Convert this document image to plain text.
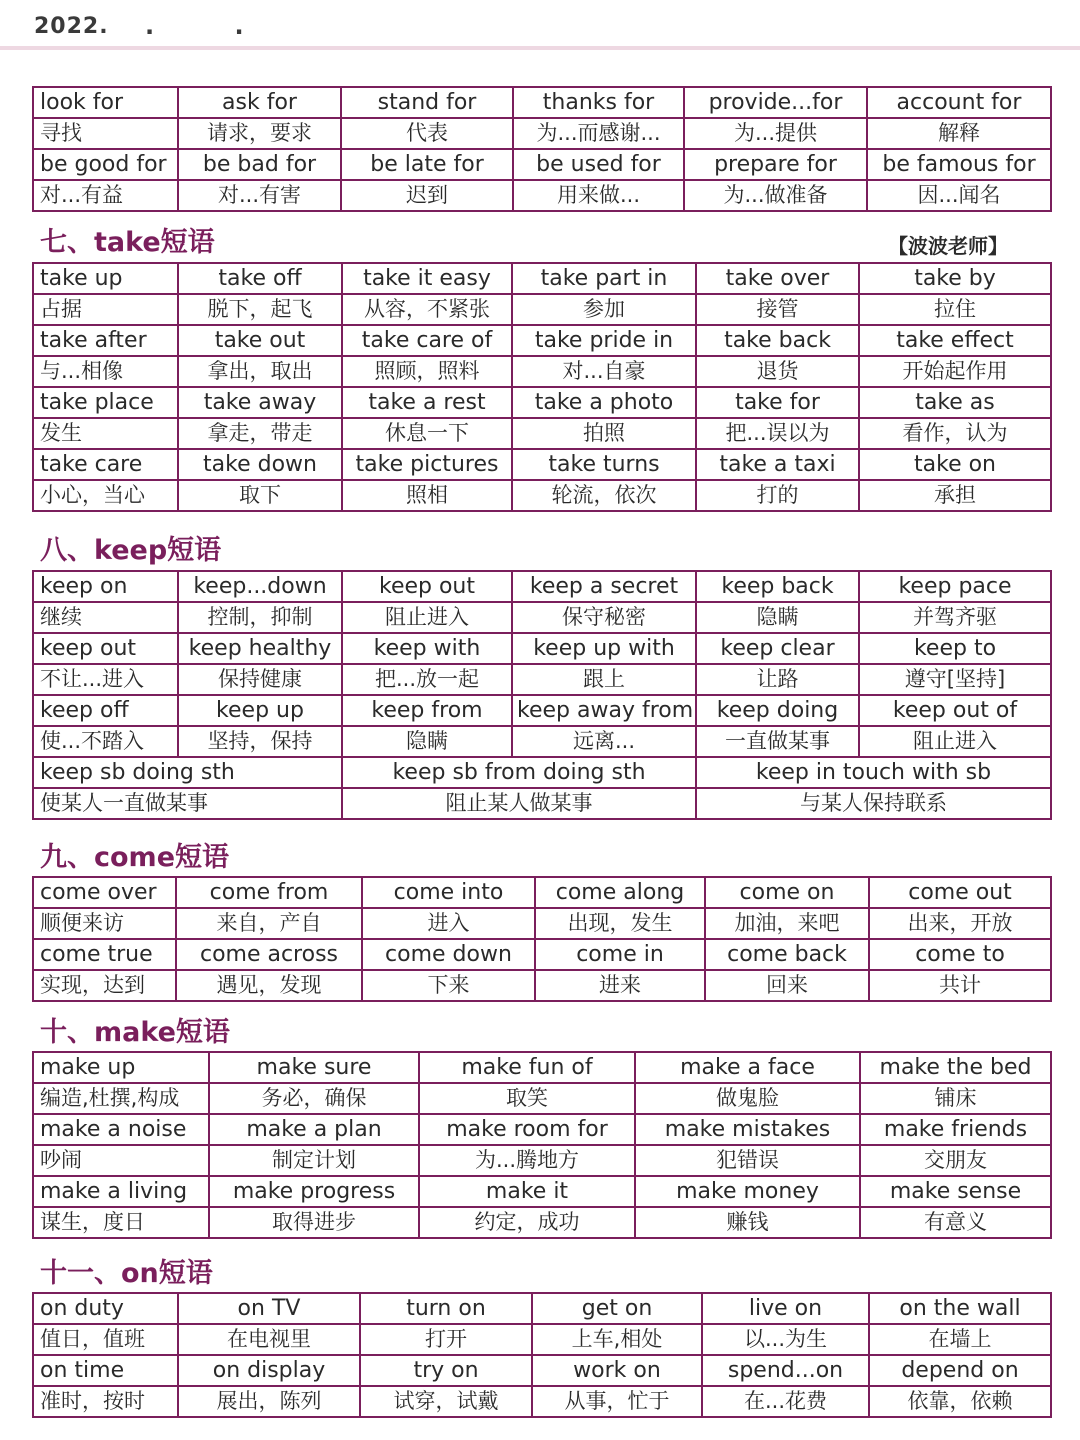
2022. . .
look for	ask for	stand for	thanks for	provide...for	account for
寻找	请求，要求	代表	为...而感谢...	为...提供	解释
be good for	be bad for	be late for	be used for	prepare for	be famous for
对...有益	对...有害	迟到	用来做...	为...做准备	因...闻名
七、take短语	【波波老师】
take up	take off	take it easy	take part in	take over	take by
占据	脱下，起飞	从容，不紧张	参加	接管	拉住
take after	take out	take care of	take pride in	take back	take effect
与...相像	拿出，取出	照顾，照料	对...自豪	退货	开始起作用
take place	take away	take a rest	take a photo	take for	take as
发生	拿走，带走	休息一下	拍照	把...误以为	看作，认为
take care	take down	take pictures	take turns	take a taxi	take on
小心，当心	取下	照相	轮流，依次	打的	承担
八、keep短语
keep on	keep...down	keep out	keep a secret	keep back	keep pace
继续	控制，抑制	阻止进入	保守秘密	隐瞒	并驾齐驱
keep out	keep healthy	keep with	keep up with	keep clear	keep to
不让...进入	保持健康	把...放一起	跟上	让路	遵守[坚持]
keep off	keep up	keep from	keep away from	keep doing	keep out of
使...不踏入	坚持，保持	隐瞒	远离...	一直做某事	阻止进入
keep sb doing sth		keep sb from doing sth		keep in touch with sb	
使某人一直做某事		阻止某人做某事		与某人保持联系	
九、come短语
come over	come from	come into	come along	come on	come out
顺便来访	来自，产自	进入	出现，发生	加油，来吧	出来，开放
come true	come across	come down	come in	come back	come to
实现，达到	遇见，发现	下来	进来	回来	共计
十、make短语
make up	make sure	make fun of	make a face	make the bed
编造,杜撰,构成	务必，确保	取笑	做鬼脸	铺床
make a noise	make a plan	make room for	make mistakes	make friends
吵闹	制定计划	为...腾地方	犯错误	交朋友
make a living	make progress	make it	make money	make sense
谋生，度日	取得进步	约定，成功	赚钱	有意义
十一、on短语
on duty	on TV	turn on	get on	live on	on the wall
值日，值班	在电视里	打开	上车,相处	以...为生	在墙上
on time	on display	try on	work on	spend...on	depend on
准时，按时	展出，陈列	试穿，试戴	从事，忙于	在...花费	依靠，依赖
